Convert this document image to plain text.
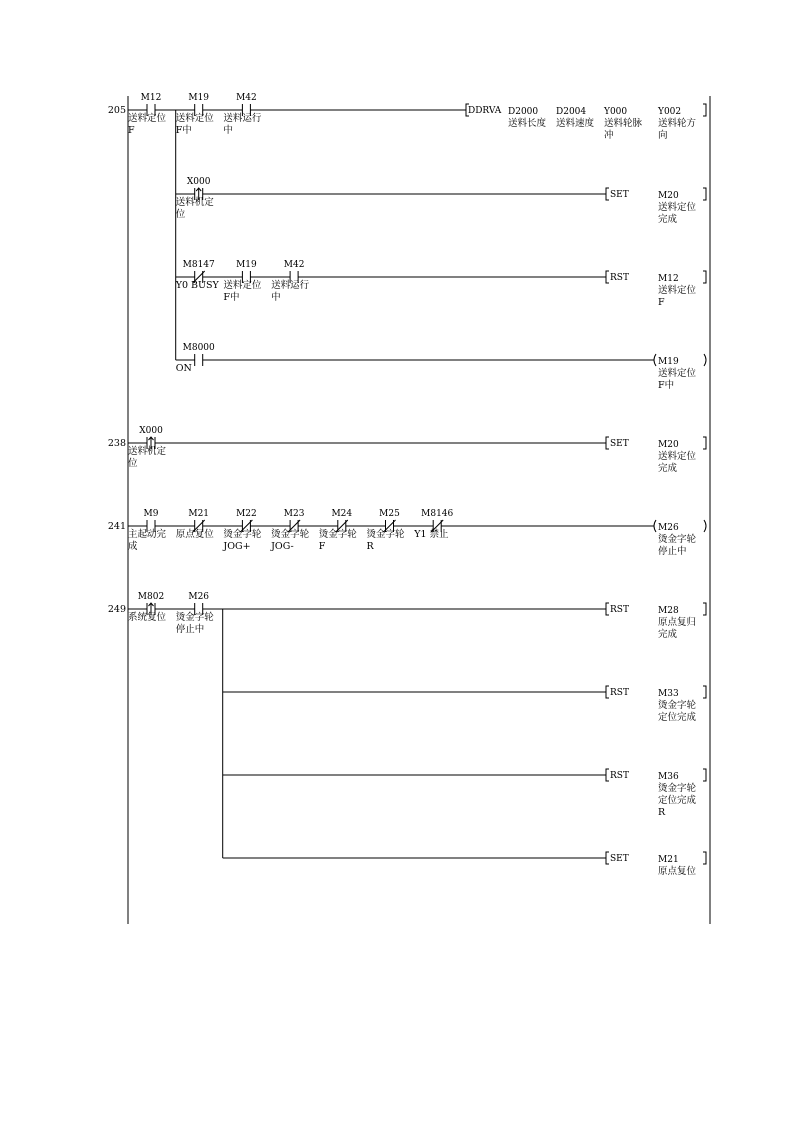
205
M12
送料定位
F
M19
送料定位
F中
M42
送料运行
中
DDRVA D2000
送料长度
D2004
送料速度
Y000
送料轮脉
冲
Y002
送料轮方
向
X000
送料机定
位
SET	M20
送料定位
完成
M8147
Y0 BUSY
M19
送料定位
F中
M42
送料运行
中
RST	M12
送料定位
F
M8000
ON
M19
送料定位
F中
238
X000
送料机定
位
SET	M20
送料定位
完成
241
M9
主起动完
成
M21
原点复位
M22
烫金字轮
JOG+
M23
烫金字轮
JOG-
M24
烫金字轮
F
M25
烫金字轮
R
M8146
Y1 禁止
M26
烫金字轮
停止中
249
M802
系统复位
M26
烫金字轮
停止中
RST	M28
原点复归
完成
RST	M33
烫金字轮
定位完成
RST	M36
烫金字轮
定位完成
R
SET	M21
原点复位
